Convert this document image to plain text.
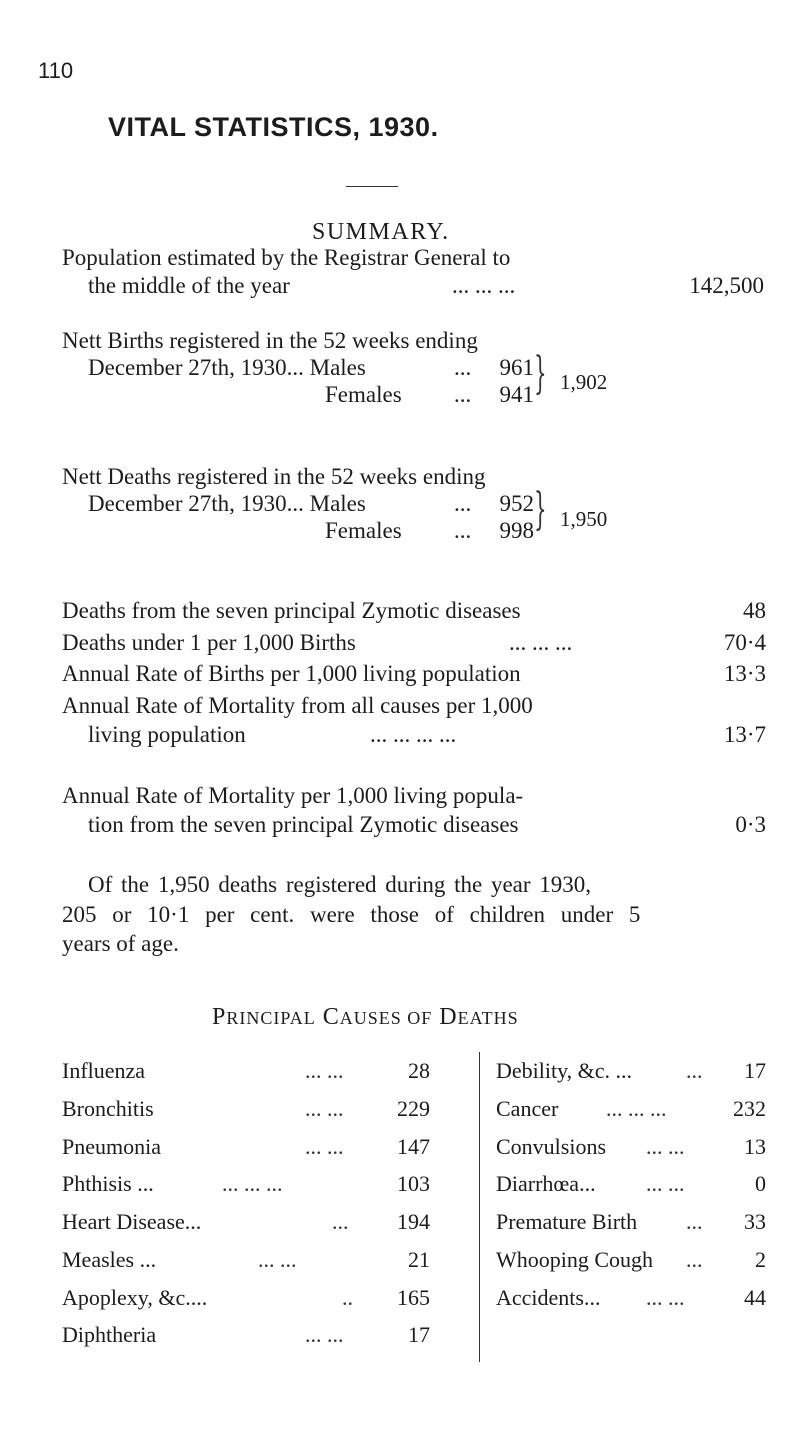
110
VITAL STATISTICS, 1930.
SUMMARY.
Population estimated by the Registrar General to
the middle of the year	... ... ...	142,500
Nett Births registered in the 52 weeks ending
December 27th, 1930... Males	...	961
Females ...	941 } 1,902
Nett Deaths registered in the 52 weeks ending
December 27th, 1930... Males	...	952
Females ...	998 } 1,950
Deaths from the seven principal Zymotic diseases	48
Deaths under 1 per 1,000 Births	... ... ...	70·4
Annual Rate of Births per 1,000 living population	13·3
Annual Rate of Mortality from all causes per 1,000
living population	... ... ... ...	13·7
Annual Rate of Mortality per 1,000 living popula-
tion from the seven principal Zymotic diseases	0·3
Of the 1,950 deaths registered during the year 1930,
205 or 10·1 per cent. were those of children under 5
years of age.
PRINCIPAL CAUSES OF DEATHS
Influenza	... ...	28
Bronchitis	... ...	229
Pneumonia	... ...	147
Phthisis ...	... ... ...	103
Heart Disease...	...	194
Measles ...	... ...	21
Apoplexy, &c....	..	165
Diphtheria	... ...	17
Debility, &c. ... ...	17
Cancer ... ... ...	232
Convulsions ... ...	13
Diarrhœa... ... ...	0
Premature Birth ...	33
Whooping Cough ...	2
Accidents... ... ...	44
